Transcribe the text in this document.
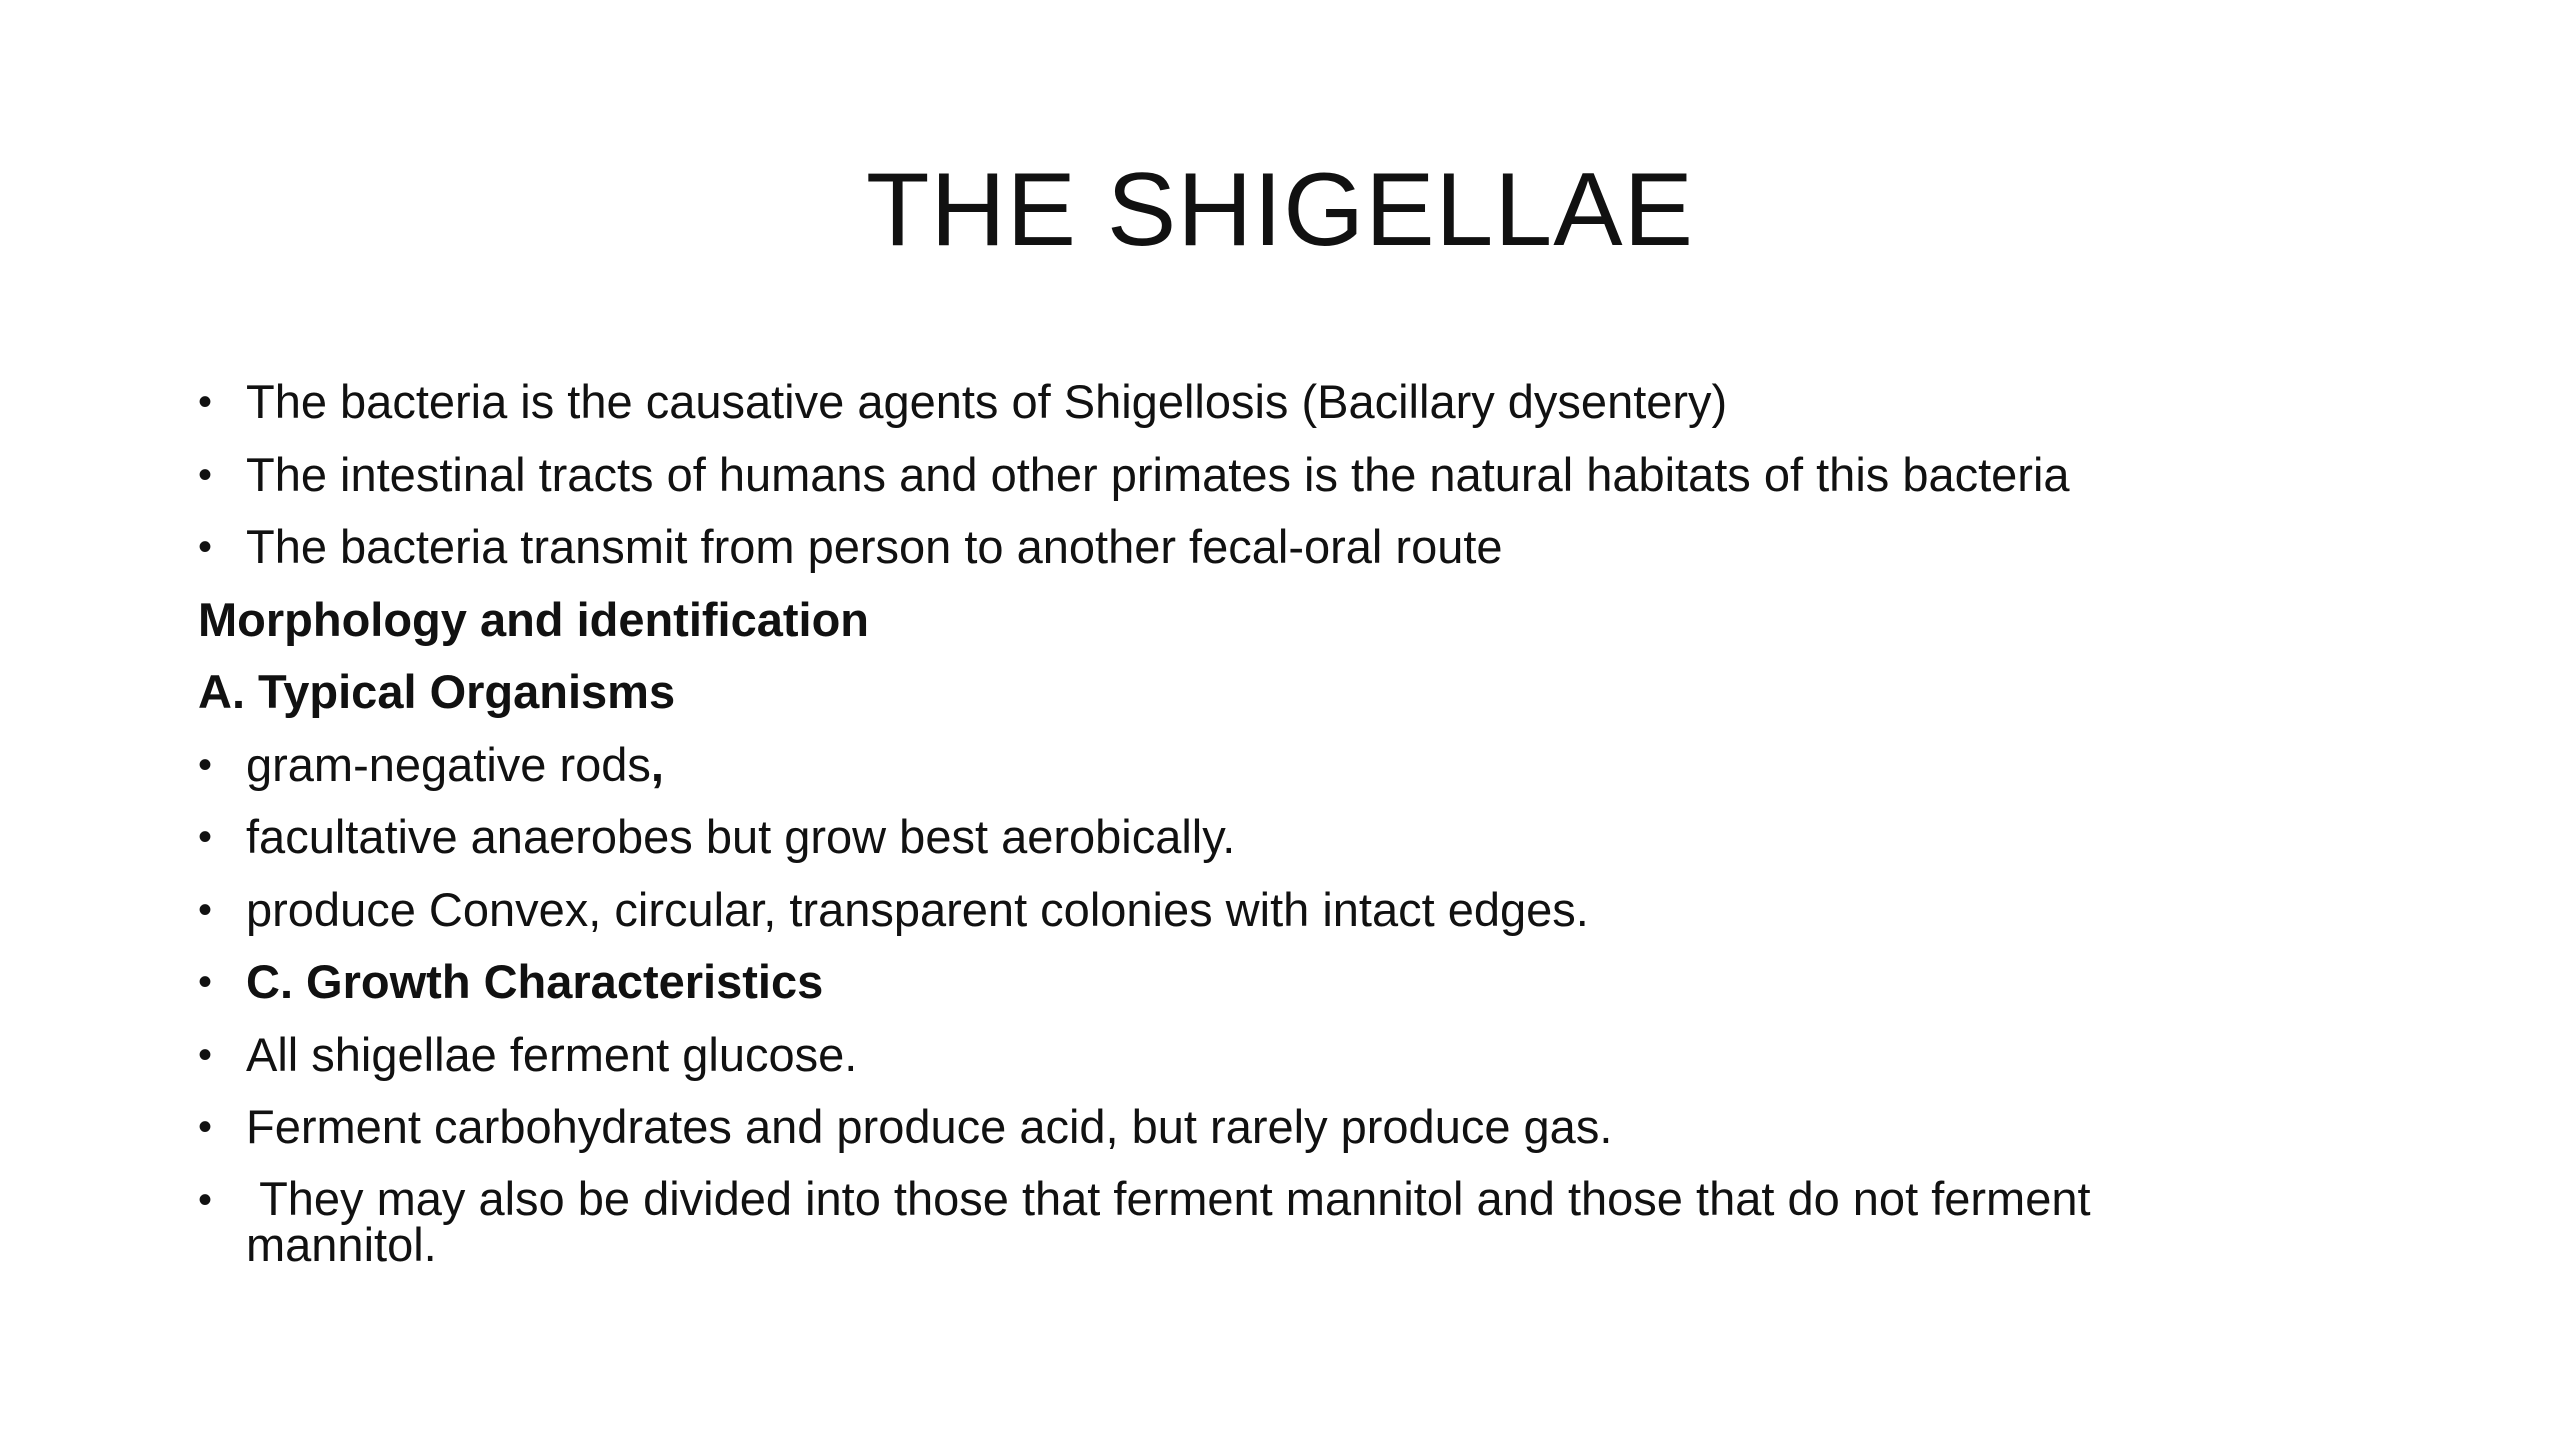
THE SHIGELLAE
• The bacteria is the causative agents of Shigellosis (Bacillary dysentery)
• The intestinal tracts of humans and other primates is the natural habitats of this bacteria
• The bacteria transmit from person to another fecal-oral route
Morphology and identification
A. Typical Organisms
• gram-negative rods,
• facultative anaerobes but grow best aerobically.
• produce Convex, circular, transparent colonies with intact edges.
• C. Growth Characteristics
• All shigellae ferment glucose.
• Ferment carbohydrates and produce acid, but rarely produce gas.
• They may also be divided into those that ferment mannitol and those that do not ferment mannitol.
